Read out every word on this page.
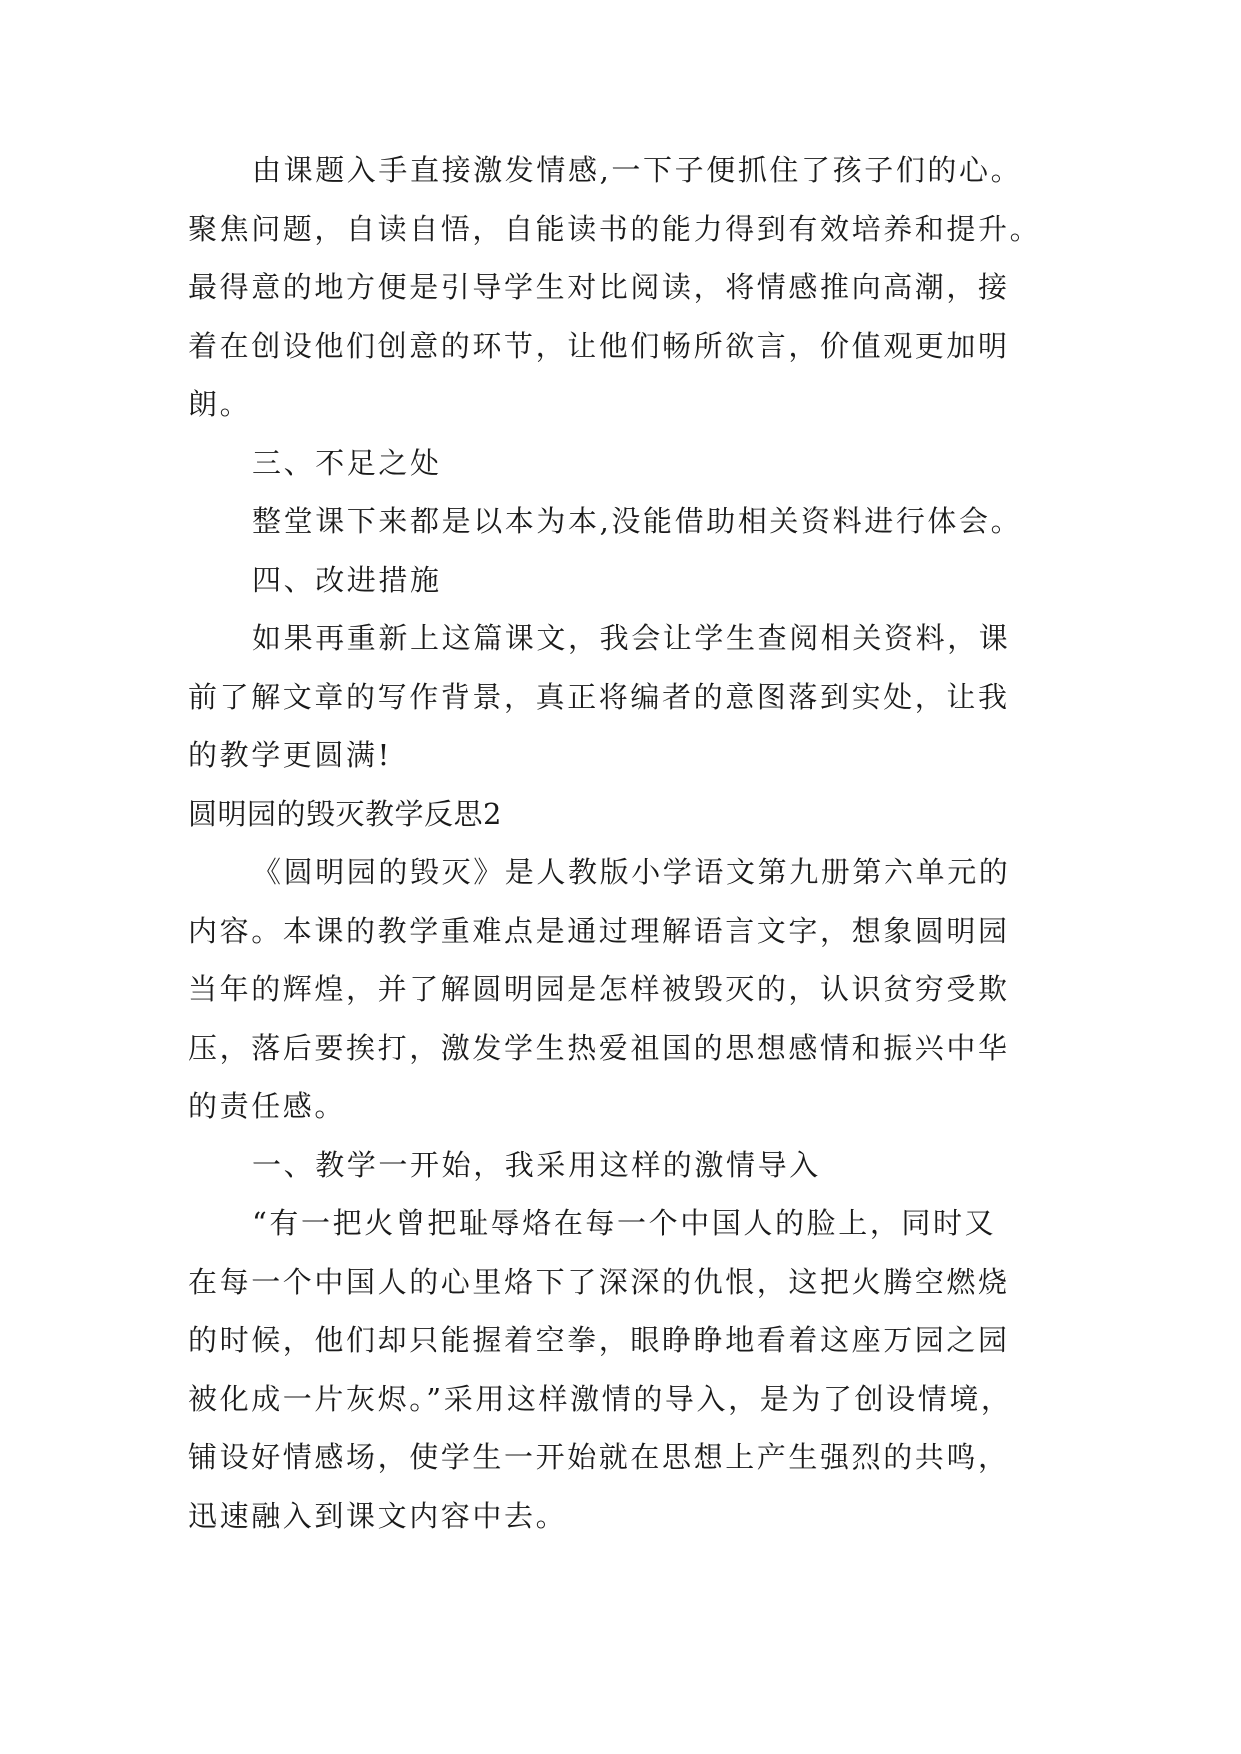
由课题入手直接激发情感,一下子便抓住了孩子们的心。
聚焦问题，自读自悟，自能读书的能力得到有效培养和提升。
最得意的地方便是引导学生对比阅读，将情感推向高潮，接
着在创设他们创意的环节，让他们畅所欲言，价值观更加明
朗。
三、不足之处
整堂课下来都是以本为本,没能借助相关资料进行体会。
四、改进措施
如果再重新上这篇课文，我会让学生查阅相关资料，课
前了解文章的写作背景，真正将编者的意图落到实处，让我
的教学更圆满!
圆明园的毁灭教学反思2
《圆明园的毁灭》是人教版小学语文第九册第六单元的
内容。本课的教学重难点是通过理解语言文字，想象圆明园
当年的辉煌，并了解圆明园是怎样被毁灭的，认识贫穷受欺
压，落后要挨打，激发学生热爱祖国的思想感情和振兴中华
的责任感。
一、教学一开始，我采用这样的激情导入
“有一把火曾把耻辱烙在每一个中国人的脸上，同时又
在每一个中国人的心里烙下了深深的仇恨，这把火腾空燃烧
的时候，他们却只能握着空拳，眼睁睁地看着这座万园之园
被化成一片灰烬。”采用这样激情的导入，是为了创设情境，
铺设好情感场，使学生一开始就在思想上产生强烈的共鸣，
迅速融入到课文内容中去。
